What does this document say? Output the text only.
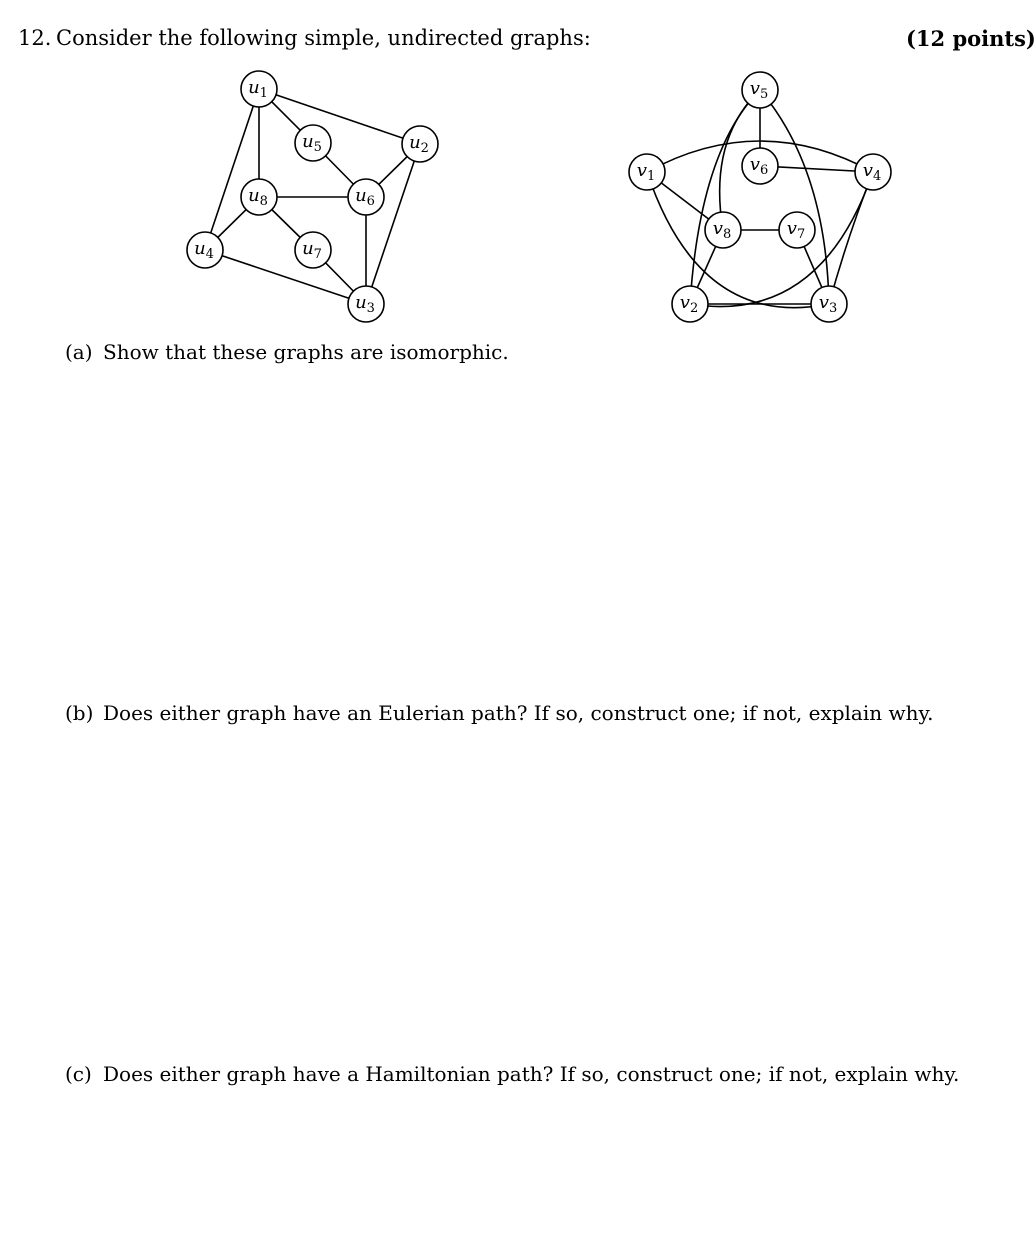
12. Consider the following simple, undirected graphs:	(12 points)
$u_1$
$u_2$
$u_3$
$u_4$
$u_5$
$u_6$
$u_7$
$u_8$
$v_1$
$v_2$	$v_3$
$v_4$
$v_5$
$v_6$
$v_7$
$v_8$
(a) Show that these graphs are isomorphic.
(b) Does either graph have an Eulerian path? If so, construct one; if not, explain why.
(c) Does either graph have a Hamiltonian path? If so, construct one; if not, explain why.
